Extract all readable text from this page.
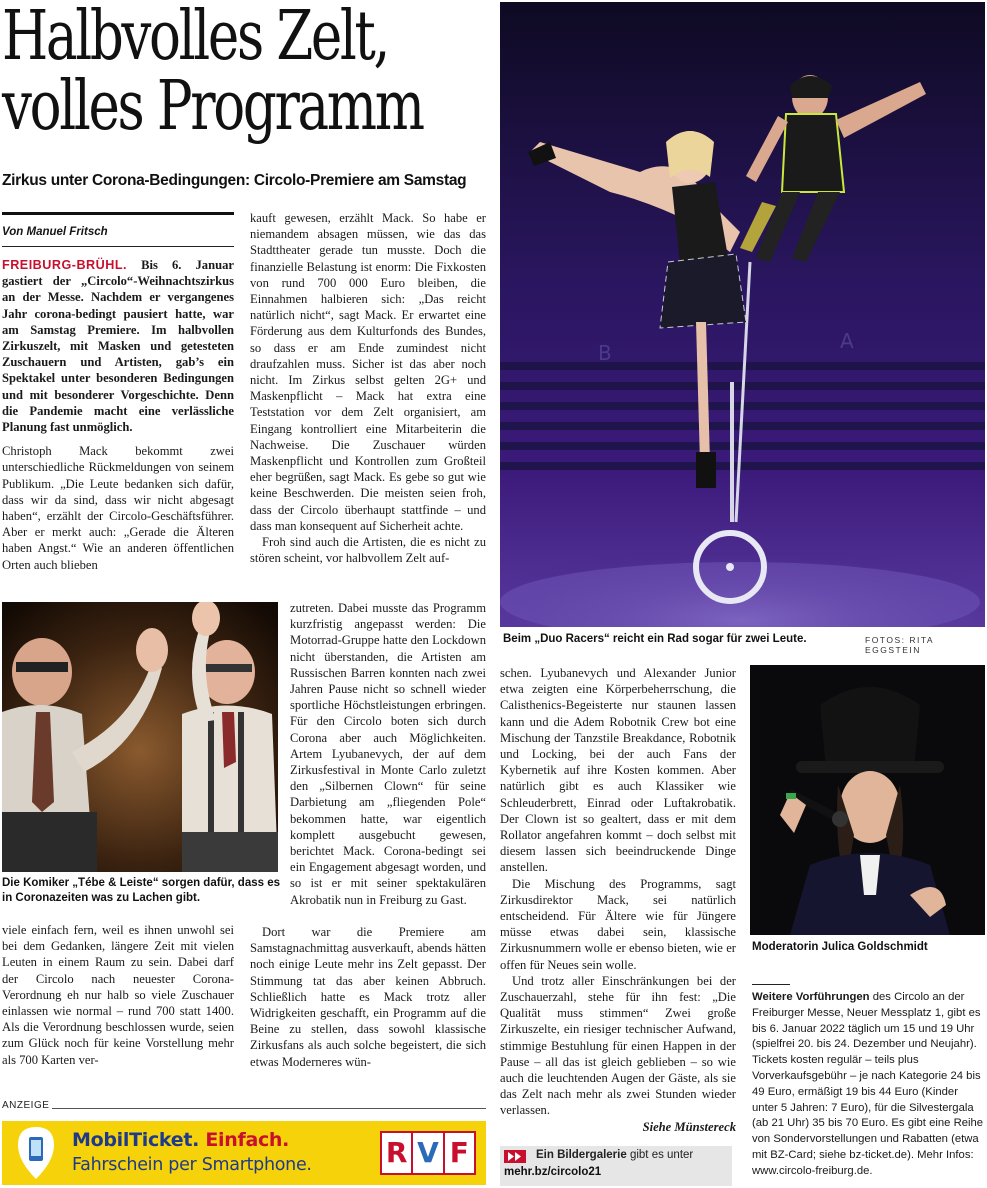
Halbvolles Zelt,
volles Programm
Zirkus unter Corona-Bedingungen: Circolo-Premiere am Samstag
Von Manuel Fritsch

FREIBURG-BRÜHL. Bis 6. Januar gastiert der „Circolo“-Weihnachtszirkus an der Messe. Nachdem er vergangenes Jahr corona-bedingt pausiert hatte, war am Samstag Premiere. Im halbvollen Zirkuszelt, mit Masken und getesteten Zuschauern und Artisten, gab’s ein Spektakel unter besonderen Bedingungen und mit besonderer Vorgeschichte. Denn die Pandemie macht eine verlässliche Planung fast unmöglich.

Christoph Mack bekommt zwei unterschiedliche Rückmeldungen von seinem Publikum. „Die Leute bedanken sich dafür, dass wir da sind, dass wir nicht abgesagt haben“, erzählt der Circolo-Geschäftsführer. Aber er merkt auch: „Gerade die Älteren haben Angst.“ Wie an anderen öffentlichen Orten auch blieben

Die Komiker „Tébe & Leiste“ sorgen dafür, dass es in Coronazeiten was zu Lachen gibt.

viele einfach fern, weil es ihnen unwohl sei bei dem Gedanken, längere Zeit mit vielen Leuten in einem Raum zu sein. Dabei darf der Circolo nach neuester Corona-Verordnung eh nur halb so viele Zuschauer einlassen wie normal – rund 700 statt 1400. Als die Verordnung beschlossen wurde, seien zum Glück noch für keine Vorstellung mehr als 700 Karten ver-

kauft gewesen, erzählt Mack. So habe er niemandem absagen müssen, wie das das Stadttheater gerade tun musste. Doch die finanzielle Belastung ist enorm: Die Fixkosten von rund 700 000 Euro bleiben, die Einnahmen halbieren sich: „Das reicht natürlich nicht“, sagt Mack. Er erwartet eine Förderung aus dem Kulturfonds des Bundes, so dass er am Ende zumindest nicht draufzahlen muss. Sicher ist das aber noch nicht. Im Zirkus selbst gelten 2G+ und Maskenpflicht – Mack hat extra eine Teststation vor dem Zelt organisiert, am Eingang kontrolliert eine Mitarbeiterin die Nachweise. Die Zuschauer würden Maskenpflicht und Kontrollen zum Großteil eher begrüßen, sagt Mack. Es gebe so gut wie keine Beschwerden. Die meisten seien froh, dass der Circolo überhaupt stattfinde – und dass man konsequent auf Sicherheit achte.

Froh sind auch die Artisten, die es nicht zu stören scheint, vor halbvollem Zelt auf-

zutreten. Dabei musste das Programm kurzfristig angepasst werden: Die Motorrad-Gruppe hatte den Lockdown nicht überstanden, die Artisten am Russischen Barren konnten nach zwei Jahren Pause nicht so schnell wieder sportliche Höchstleistungen erbringen. Für den Circolo boten sich durch Corona aber auch Möglichkeiten. Artem Lyubanevych, der auf dem Zirkusfestival in Monte Carlo zuletzt den „Silbernen Clown“ für seine Darbietung am „fliegenden Pole“ bekommen hatte, war eigentlich komplett ausgebucht gewesen, berichtet Mack. Corona-bedingt sei ein Engagement abgesagt worden, und so ist er mit seiner spektakulären Akrobatik nun in Freiburg zu Gast.

Dort war die Premiere am Samstagnachmittag ausverkauft, abends hätten noch einige Leute mehr ins Zelt gepasst. Der Stimmung tat das aber keinen Abbruch. Schließlich hatte es Mack trotz aller Widrigkeiten geschafft, ein Programm auf die Beine zu stellen, dass sowohl klassische Zirkusfans als auch solche begeistert, die sich etwas Moderneres wün-

B	A
Beim „Duo Racers“ reicht ein Rad sogar für zwei Leute.	FOTOS: RITA EGGSTEIN

schen. Lyubanevych und Alexander Junior etwa zeigten eine Körperbeherrschung, die Calisthenics-Begeisterte nur staunen lassen kann und die Adem Robotnik Crew bot eine Mischung der Tanzstile Breakdance, Robotnik und Locking, bei der auch Fans der Kybernetik auf ihre Kosten kommen. Aber natürlich gibt es auch Klassiker wie Schleuderbrett, Einrad oder Luftakrobatik. Der Clown ist so gealtert, dass er mit dem Rollator angefahren kommt – doch selbst mit diesem lassen sich beeindruckende Dinge anstellen.

Die Mischung des Programms, sagt Zirkusdirektor Mack, sei natürlich entscheidend. Für Ältere wie für Jüngere müsse etwas dabei sein, klassische Zirkusnummern wolle er ebenso bieten, wie er offen für Neues sein wolle.

Und trotz aller Einschränkungen bei der Zuschauerzahl, stehe für ihn fest: „Die Qualität muss stimmen“ Zwei große Zirkuszelte, ein riesiger technischer Aufwand, stimmige Bestuhlung für einen Happen in der Pause – all das ist gleich geblieben – so wie auch die leuchtenden Augen der Gäste, als sie das Zelt nach mehr als zwei Stunden wieder verlassen.

Siehe Münstereck

Moderatorin Julica Goldschmidt
Weitere Vorführungen des Circolo an der Freiburger Messe, Neuer Messplatz 1, gibt es bis 6. Januar 2022 täglich um 15 und 19 Uhr (spielfrei 20. bis 24. Dezember und Neujahr). Tickets kosten regulär – teils plus Vorverkaufsgebühr – je nach Kategorie 24 bis 49 Euro, ermäßigt 19 bis 44 Euro (Kinder unter 5 Jahren: 7 Euro), für die Silvestergala (ab 21 Uhr) 35 bis 70 Euro. Es gibt eine Reihe von Sondervorstellungen und Rabatten (etwa mit BZ-Card; siehe bz-ticket.de). Mehr Infos: www.circolo-freiburg.de.
Ein Bildergalerie gibt es unter
mehr.bz/circolo21
ANZEIGE
MobilTicket. Einfach.
Fahrschein per Smartphone.	R V F
